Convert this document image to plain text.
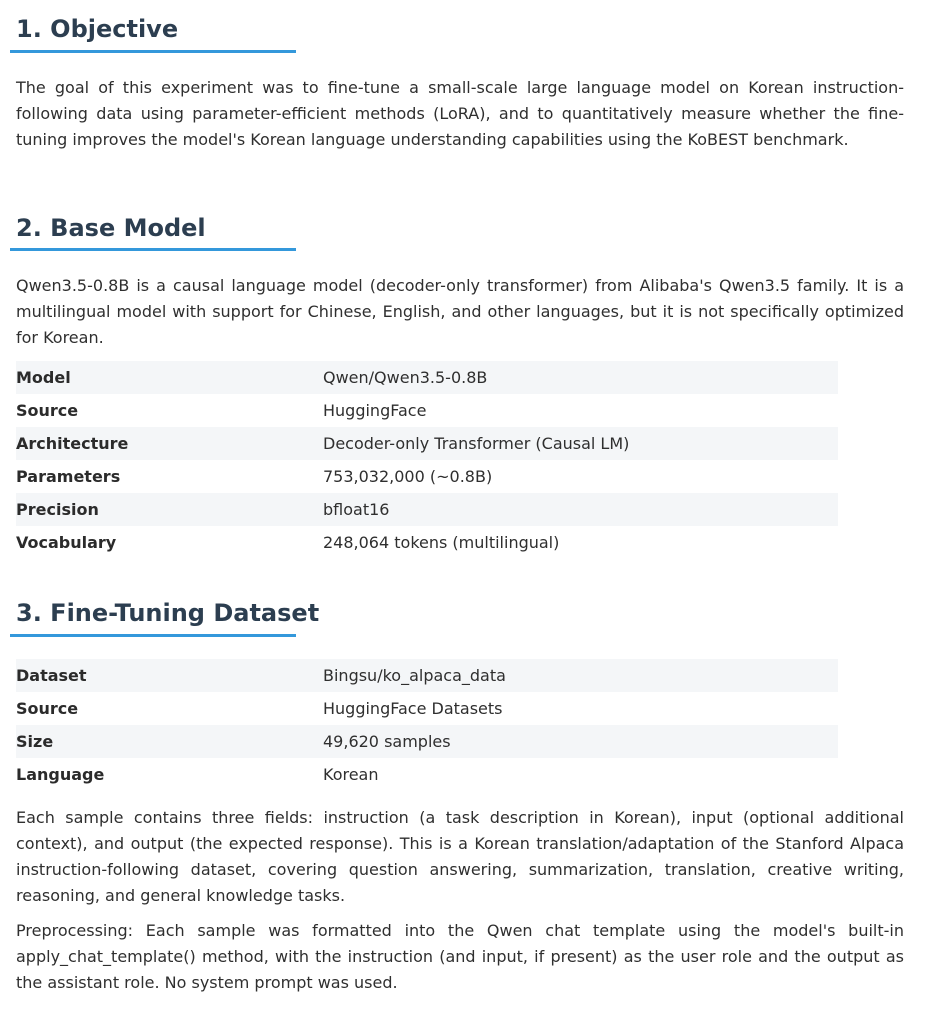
1. Objective

The goal of this experiment was to fine-tune a small-scale large language model on Korean instruction-following data using parameter-efficient methods (LoRA), and to quantitatively measure whether the fine-tuning improves the model's Korean language understanding capabilities using the KoBEST benchmark.

2. Base Model

Qwen3.5-0.8B is a causal language model (decoder-only transformer) from Alibaba's Qwen3.5 family. It is a multilingual model with support for Chinese, English, and other languages, but it is not specifically optimized for Korean.

Model	Qwen/Qwen3.5-0.8B
Source	HuggingFace
Architecture	Decoder-only Transformer (Causal LM)
Parameters	753,032,000 (~0.8B)
Precision	bfloat16
Vocabulary	248,064 tokens (multilingual)
3. Fine-Tuning Dataset
Dataset	Bingsu/ko_alpaca_data
Source	HuggingFace Datasets
Size	49,620 samples
Language	Korean

Each sample contains three fields: instruction (a task description in Korean), input (optional additional context), and output (the expected response). This is a Korean translation/adaptation of the Stanford Alpaca instruction-following dataset, covering question answering, summarization, translation, creative writing, reasoning, and general knowledge tasks.

Preprocessing: Each sample was formatted into the Qwen chat template using the model's built-in apply_chat_template() method, with the instruction (and input, if present) as the user role and the output as the assistant role. No system prompt was used.
